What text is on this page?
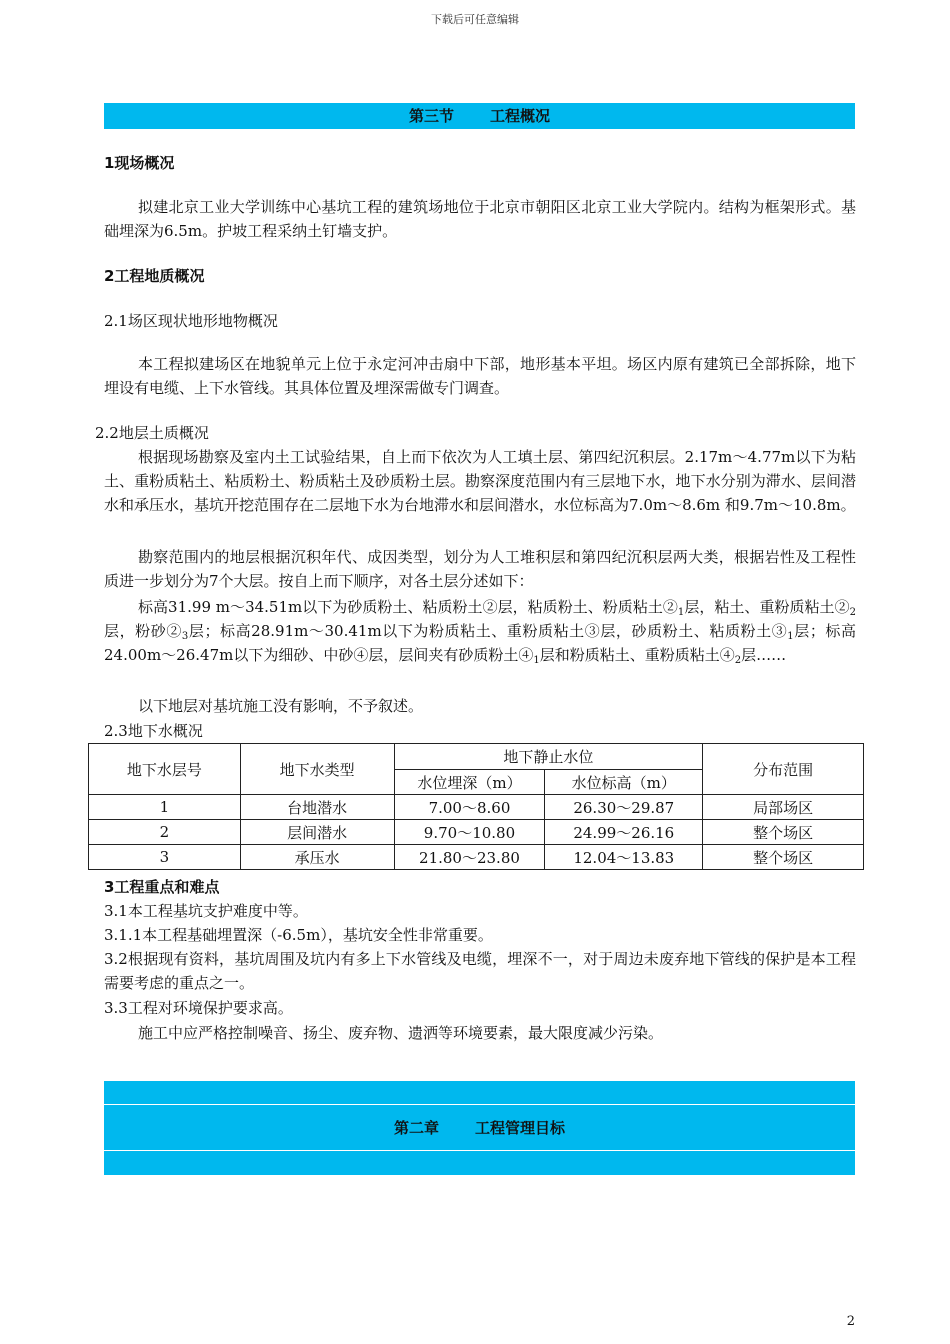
下载后可任意编辑
第三节 工程概况
1现场概况
拟建北京工业大学训练中心基坑工程的建筑场地位于北京市朝阳区北京工业大学院内。结构为框架形式。基础埋深为6.5m。护坡工程采纳土钉墙支护。
2工程地质概况
2.1场区现状地形地物概况
本工程拟建场区在地貌单元上位于永定河冲击扇中下部，地形基本平坦。场区内原有建筑已全部拆除，地下埋设有电缆、上下水管线。其具体位置及埋深需做专门调查。
2.2地层土质概况
根据现场勘察及室内土工试验结果，自上而下依次为人工填土层、第四纪沉积层。2.17m～4.77m以下为粘土、重粉质粘土、粘质粉土、粉质粘土及砂质粉土层。勘察深度范围内有三层地下水，地下水分别为滞水、层间潜水和承压水，基坑开挖范围存在二层地下水为台地滞水和层间潜水，水位标高为7.0m～8.6m 和9.7m～10.8m。
勘察范围内的地层根据沉积年代、成因类型，划分为人工堆积层和第四纪沉积层两大类，根据岩性及工程性质进一步划分为7个大层。按自上而下顺序，对各土层分述如下：
标高31.99 m～34.51m以下为砂质粉土、粘质粉土②层，粘质粉土、粉质粘土$②_1$层，粘土、重粉质粘土$②_2$层，粉砂$②_3$层；标高28.91m～30.41m以下为粉质粘土、重粉质粘土③层，砂质粉土、粘质粉土$③_1$层；标高24.00m～26.47m以下为细砂、中砂④层，层间夹有砂质粉土$④_1$层和粉质粘土、重粉质粘土$④_2$层……
以下地层对基坑施工没有影响，不予叙述。
2.3地下水概况
地下水层号	地下水类型	地下静止水位		分布范围
		水位埋深（m）	水位标高（m）	
1	台地潜水	7.00～8.60	26.30～29.87	局部场区
2	层间潜水	9.70～10.80	24.99～26.16	整个场区
3	承压水	21.80～23.80	12.04～13.83	整个场区
3工程重点和难点
3.1本工程基坑支护难度中等。
3.1.1本工程基础埋置深（-6.5m），基坑安全性非常重要。
3.2根据现有资料，基坑周围及坑内有多上下水管线及电缆，埋深不一，对于周边未废弃地下管线的保护是本工程需要考虑的重点之一。
3.3工程对环境保护要求高。
施工中应严格控制噪音、扬尘、废弃物、遗洒等环境要素，最大限度减少污染。
第二章 工程管理目标
2
